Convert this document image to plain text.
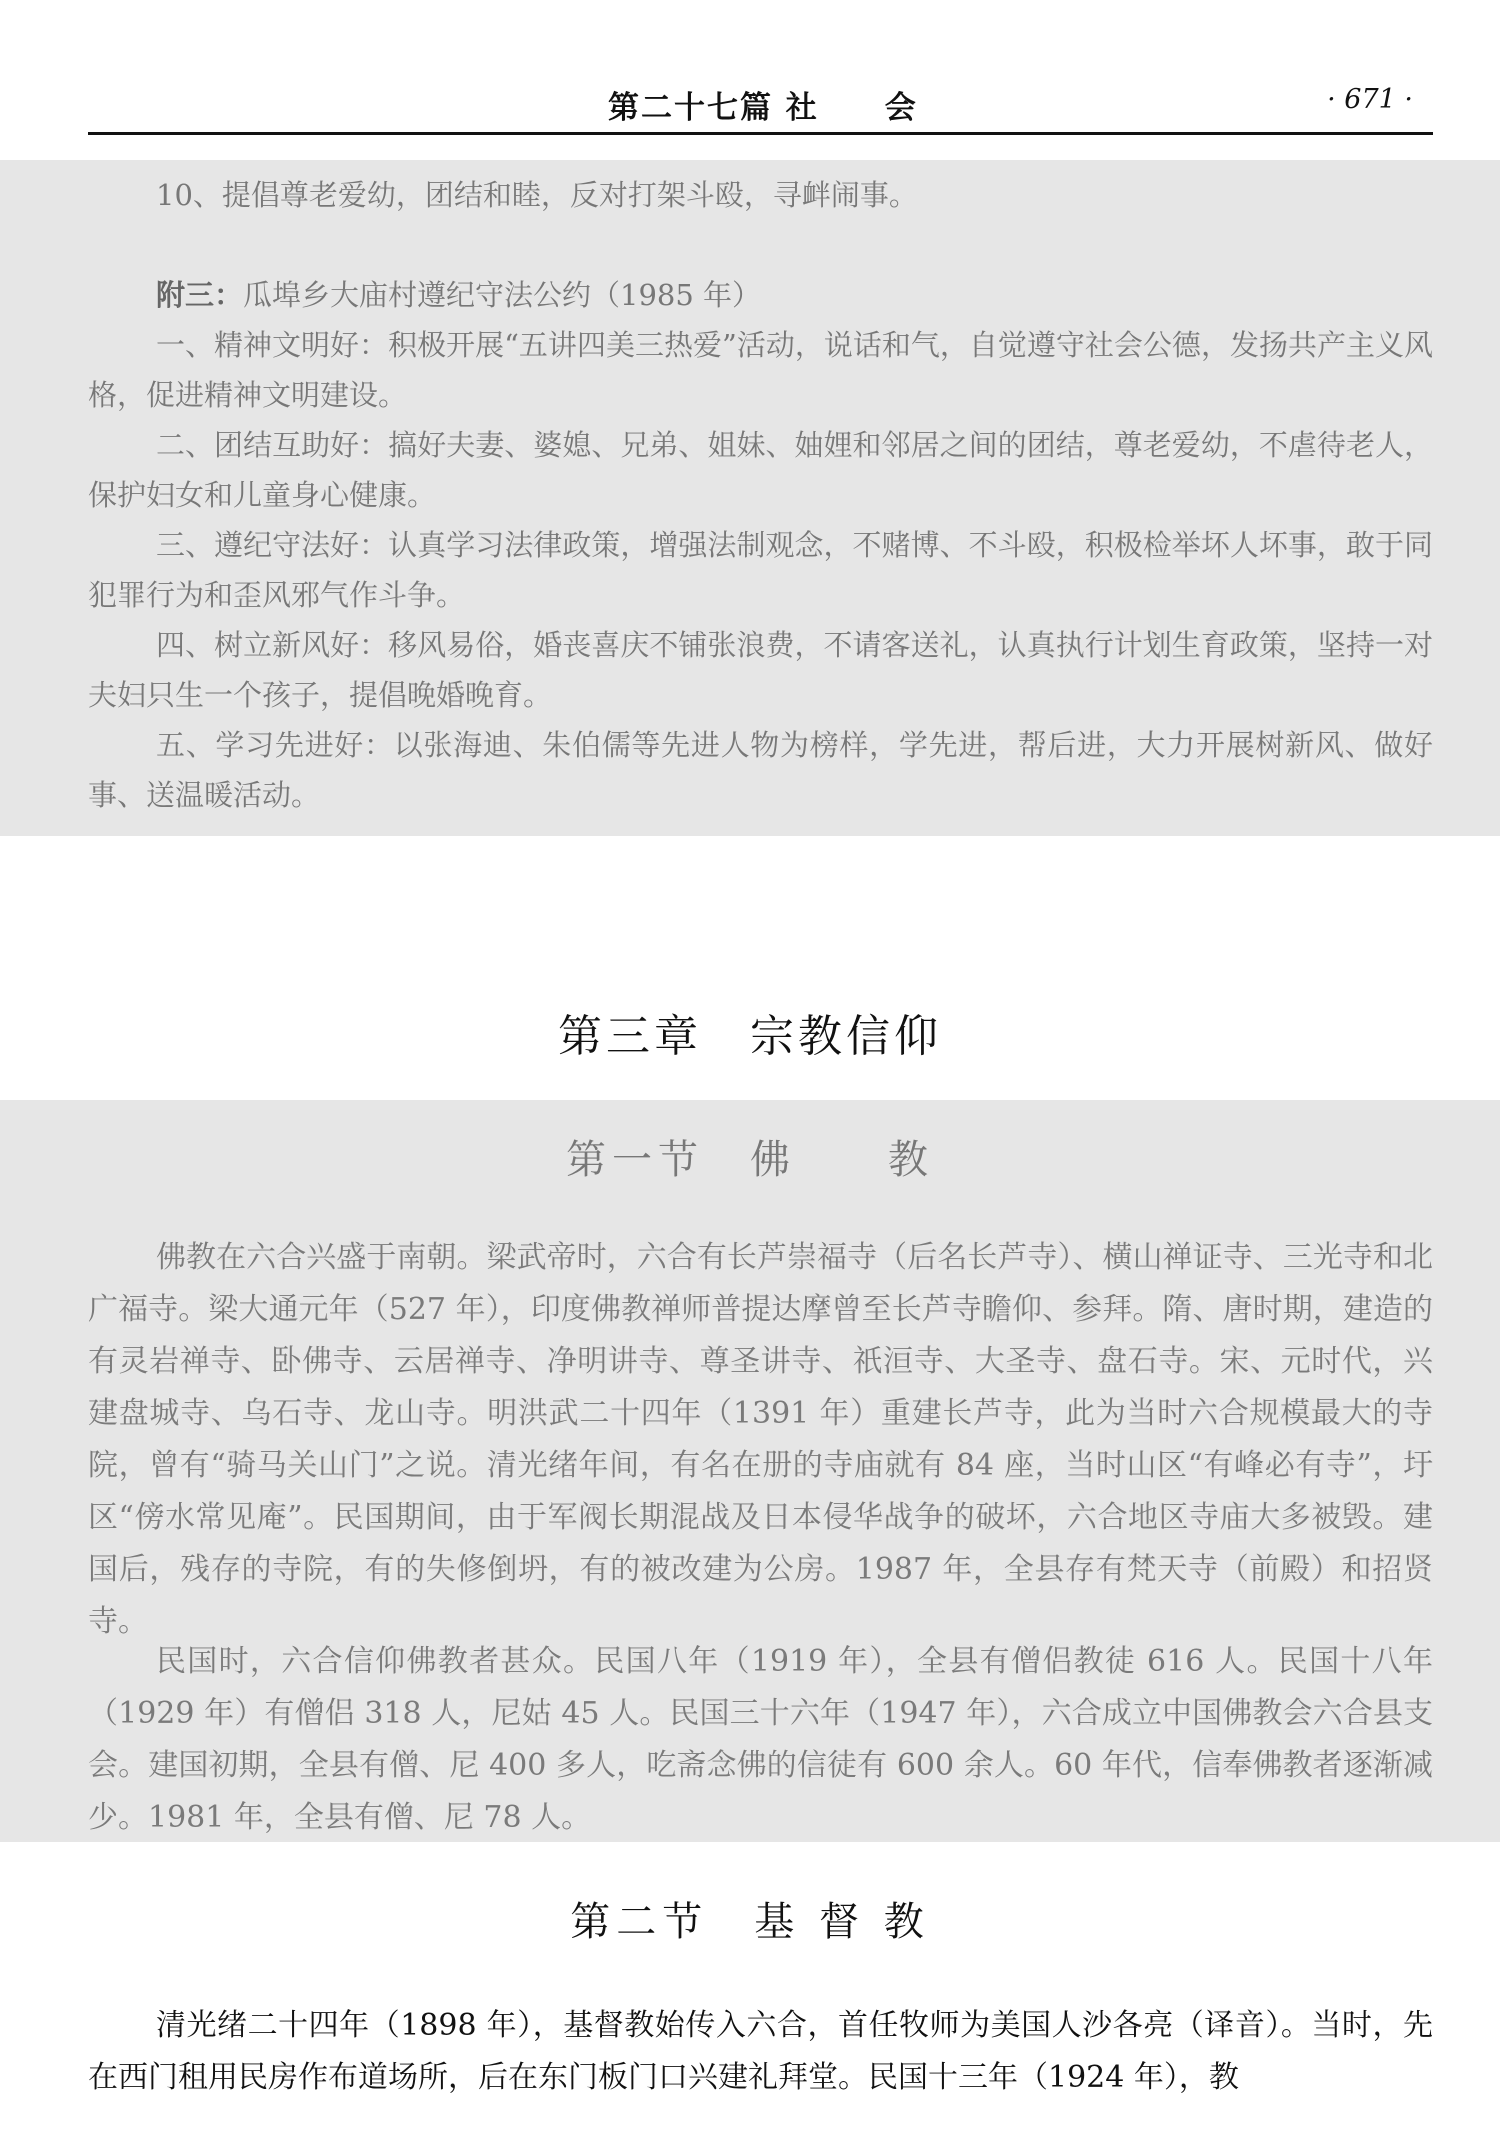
第二十七篇 社　　会	· 671 ·
10、提倡尊老爱幼，团结和睦，反对打架斗殴，寻衅闹事。
附三：瓜埠乡大庙村遵纪守法公约（1985 年）
一、精神文明好：积极开展“五讲四美三热爱”活动，说话和气，自觉遵守社会公德，发扬共产主义风格，促进精神文明建设。
二、团结互助好：搞好夫妻、婆媳、兄弟、姐妹、妯娌和邻居之间的团结，尊老爱幼，不虐待老人，保护妇女和儿童身心健康。
三、遵纪守法好：认真学习法律政策，增强法制观念，不赌博、不斗殴，积极检举坏人坏事，敢于同犯罪行为和歪风邪气作斗争。
四、树立新风好：移风易俗，婚丧喜庆不铺张浪费，不请客送礼，认真执行计划生育政策，坚持一对夫妇只生一个孩子，提倡晚婚晚育。
五、学习先进好：以张海迪、朱伯儒等先进人物为榜样，学先进，帮后进，大力开展树新风、做好事、送温暖活动。
第三章　宗教信仰
第一节　佛　　教
佛教在六合兴盛于南朝。梁武帝时，六合有长芦崇福寺（后名长芦寺）、横山禅证寺、三光寺和北广福寺。梁大通元年（527 年），印度佛教禅师普提达摩曾至长芦寺瞻仰、参拜。隋、唐时期，建造的有灵岩禅寺、卧佛寺、云居禅寺、净明讲寺、尊圣讲寺、祇洹寺、大圣寺、盘石寺。宋、元时代，兴建盘城寺、乌石寺、龙山寺。明洪武二十四年（1391 年）重建长芦寺，此为当时六合规模最大的寺院，曾有“骑马关山门”之说。清光绪年间，有名在册的寺庙就有 84 座，当时山区“有峰必有寺”，圩区“傍水常见庵”。民国期间，由于军阀长期混战及日本侵华战争的破坏，六合地区寺庙大多被毁。建国后，残存的寺院，有的失修倒坍，有的被改建为公房。1987 年，全县存有梵天寺（前殿）和招贤寺。
民国时，六合信仰佛教者甚众。民国八年（1919 年），全县有僧侣教徒 616 人。民国十八年（1929 年）有僧侣 318 人，尼姑 45 人。民国三十六年（1947 年），六合成立中国佛教会六合县支会。建国初期，全县有僧、尼 400 多人，吃斋念佛的信徒有 600 余人。60 年代，信奉佛教者逐渐减少。1981 年，全县有僧、尼 78 人。
第二节　基 督 教
清光绪二十四年（1898 年），基督教始传入六合，首任牧师为美国人沙各亮（译音）。当时，先在西门租用民房作布道场所，后在东门板门口兴建礼拜堂。民国十三年（1924 年），教
